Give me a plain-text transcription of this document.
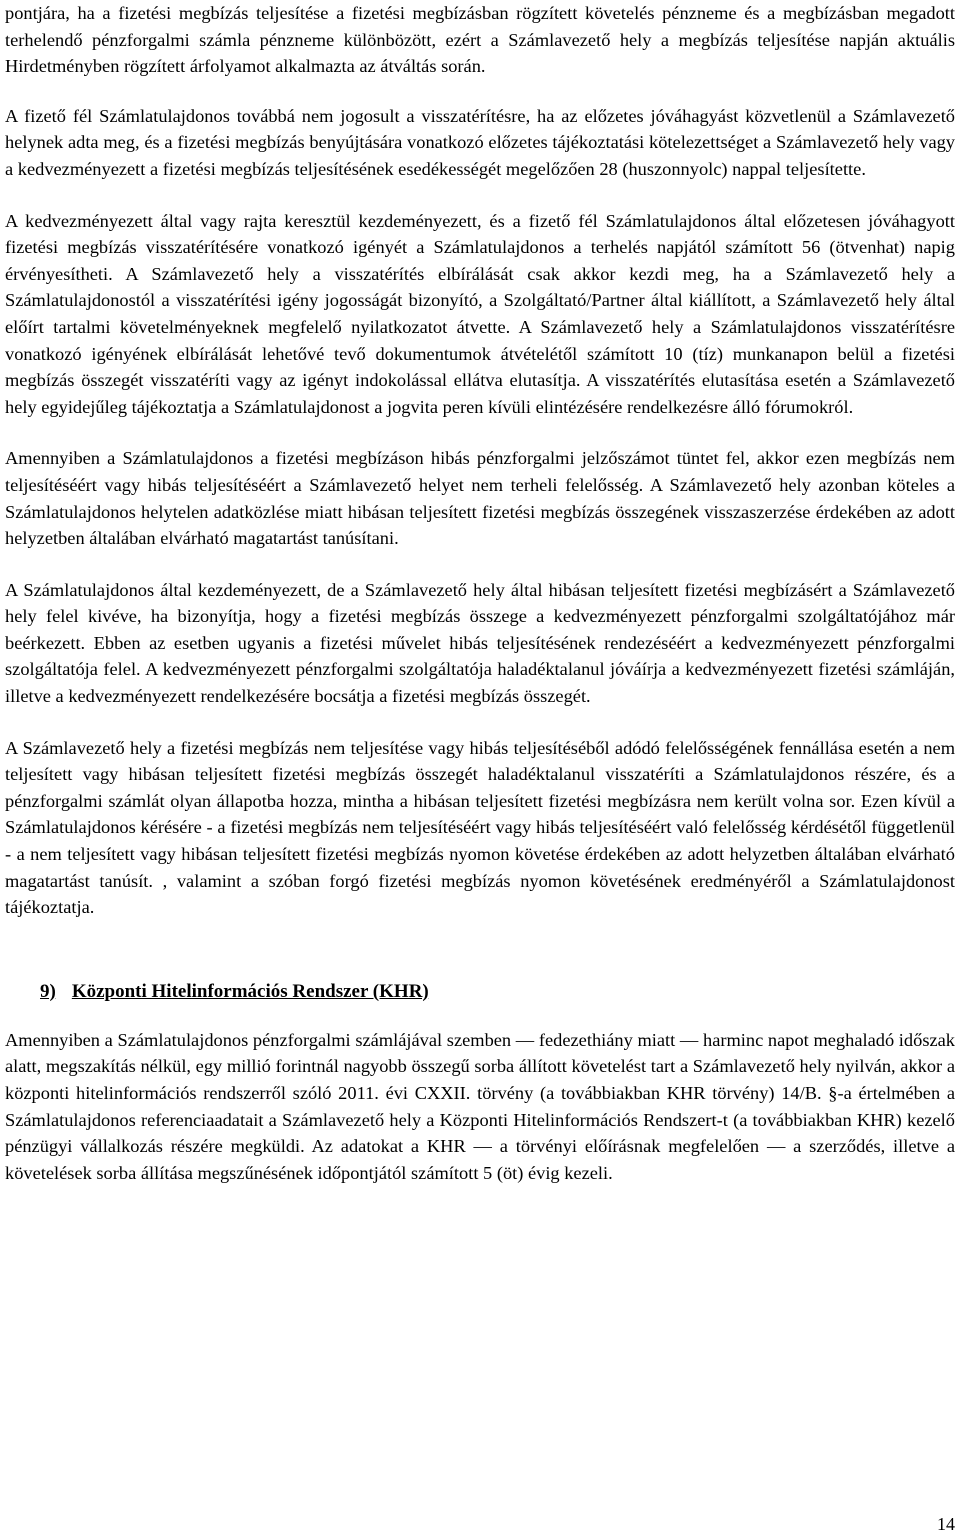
pontjára, ha a fizetési megbízás teljesítése a fizetési megbízásban rögzített követelés pénzneme és a megbízásban megadott terhelendő pénzforgalmi számla pénzneme különbözött, ezért a Számlavezető hely a megbízás teljesítése napján aktuális Hirdetményben rögzített árfolyamot alkalmazta az átváltás során.

A fizető fél Számlatulajdonos továbbá nem jogosult a visszatérítésre, ha az előzetes jóváhagyást közvetlenül a Számlavezető helynek adta meg, és a fizetési megbízás benyújtására vonatkozó előzetes tájékoztatási kötelezettséget a Számlavezető hely vagy a kedvezményezett a fizetési megbízás teljesítésének esedékességét megelőzően 28 (huszonnyolc) nappal teljesítette.

A kedvezményezett által vagy rajta keresztül kezdeményezett, és a fizető fél Számlatulajdonos által előzetesen jóváhagyott fizetési megbízás visszatérítésére vonatkozó igényét a Számlatulajdonos a terhelés napjától számított 56 (ötvenhat) napig érvényesítheti. A Számlavezető hely a visszatérítés elbírálását csak akkor kezdi meg, ha a Számlavezető hely a Számlatulajdonostól a visszatérítési igény jogosságát bizonyító, a Szolgáltató/Partner által kiállított, a Számlavezető hely által előírt tartalmi követelményeknek megfelelő nyilatkozatot átvette. A Számlavezető hely a Számlatulajdonos visszatérítésre vonatkozó igényének elbírálását lehetővé tevő dokumentumok átvételétől számított 10 (tíz) munkanapon belül a fizetési megbízás összegét visszatéríti vagy az igényt indokolással ellátva elutasítja. A visszatérítés elutasítása esetén a Számlavezető hely egyidejűleg tájékoztatja a Számlatulajdonost a jogvita peren kívüli elintézésére rendelkezésre álló fórumokról.

Amennyiben a Számlatulajdonos a fizetési megbízáson hibás pénzforgalmi jelzőszámot tüntet fel, akkor ezen megbízás nem teljesítéséért vagy hibás teljesítéséért a Számlavezető helyet nem terheli felelősség. A Számlavezető hely azonban köteles a Számlatulajdonos helytelen adatközlése miatt hibásan teljesített fizetési megbízás összegének visszaszerzése érdekében az adott helyzetben általában elvárható magatartást tanúsítani.

A Számlatulajdonos által kezdeményezett, de a Számlavezető hely által hibásan teljesített fizetési megbízásért a Számlavezető hely felel kivéve, ha bizonyítja, hogy a fizetési megbízás összege a kedvezményezett pénzforgalmi szolgáltatójához már beérkezett. Ebben az esetben ugyanis a fizetési művelet hibás teljesítésének rendezéséért a kedvezményezett pénzforgalmi szolgáltatója felel. A kedvezményezett pénzforgalmi szolgáltatója haladéktalanul jóváírja a kedvezményezett fizetési számláján, illetve a kedvezményezett rendelkezésére bocsátja a fizetési megbízás összegét.

A Számlavezető hely a fizetési megbízás nem teljesítése vagy hibás teljesítéséből adódó felelősségének fennállása esetén a nem teljesített vagy hibásan teljesített fizetési megbízás összegét haladéktalanul visszatéríti a Számlatulajdonos részére, és a pénzforgalmi számlát olyan állapotba hozza, mintha a hibásan teljesített fizetési megbízásra nem került volna sor. Ezen kívül a Számlatulajdonos kérésére - a fizetési megbízás nem teljesítéséért vagy hibás teljesítéséért való felelősség kérdésétől függetlenül - a nem teljesített vagy hibásan teljesített fizetési megbízás nyomon követése érdekében az adott helyzetben általában elvárható magatartást tanúsít. , valamint a szóban forgó fizetési megbízás nyomon követésének eredményéről a Számlatulajdonost tájékoztatja.

9) Központi Hitelinformációs Rendszer (KHR)

Amennyiben a Számlatulajdonos pénzforgalmi számlájával szemben — fedezethiány miatt — harminc napot meghaladó időszak alatt, megszakítás nélkül, egy millió forintnál nagyobb összegű sorba állított követelést tart a Számlavezető hely nyilván, akkor a központi hitelinformációs rendszerről szóló 2011. évi CXXII. törvény (a továbbiakban KHR törvény) 14/B. §-a értelmében a Számlatulajdonos referenciaadatait a Számlavezető hely a Központi Hitelinformációs Rendszert-t (a továbbiakban KHR) kezelő pénzügyi vállalkozás részére megküldi. Az adatokat a KHR — a törvényi előírásnak megfelelően — a szerződés, illetve a követelések sorba állítása megszűnésének időpontjától számított 5 (öt) évig kezeli.

14
